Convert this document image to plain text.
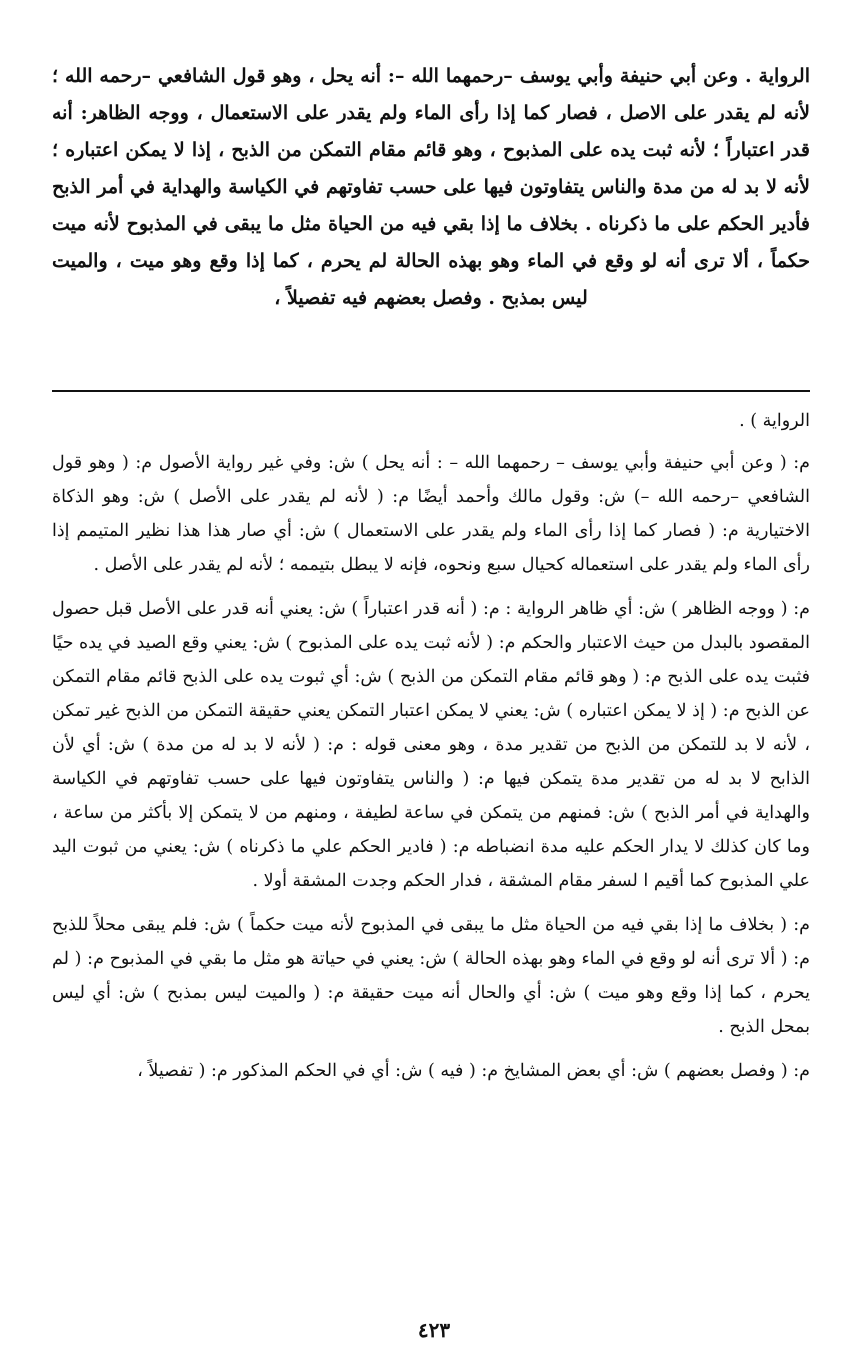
الرواية . وعن أبي حنيفة وأبي يوسف –رحمهما الله –: أنه يحل ، وهو قول الشافعي –رحمه الله ؛ لأنه لم يقدر على الاصل ، فصار كما إذا رأى الماء ولم يقدر على الاستعمال ، ووجه الظاهر: أنه قدر اعتباراً ؛ لأنه ثبت يده على المذبوح ، وهو قائم مقام التمكن من الذبح ، إذا لا يمكن اعتباره ؛ لأنه لا بد له من مدة والناس يتفاوتون فيها على حسب تفاوتهم في الكياسة والهداية في أمر الذبح فأدير الحكم على ما ذكرناه . بخلاف ما إذا بقي فيه من الحياة مثل ما يبقى في المذبوح لأنه ميت حكماً ، ألا ترى أنه لو وقع في الماء وهو بهذه الحالة لم يحرم ، كما إذا وقع وهو ميت ، والميت ليس بمذبح . وفصل بعضهم فيه تفصيلاً ،

الرواية ) .

م: ( وعن أبي حنيفة وأبي يوسف – رحمهما الله – : أنه يحل ) ش: وفي غير رواية الأصول م: ( وهو قول الشافعي –رحمه الله –) ش: وقول مالك وأحمد أيضًا م: ( لأنه لم يقدر على الأصل ) ش: وهو الذكاة الاختيارية م: ( فصار كما إذا رأى الماء ولم يقدر على الاستعمال ) ش: أي صار هذا هذا نظير المتيمم إذا رأى الماء ولم يقدر على استعماله كحيال سبع ونحوه، فإنه لا يبطل بتيممه ؛ لأنه لم يقدر على الأصل .

م: ( ووجه الظاهر ) ش: أي ظاهر الرواية : م: ( أنه قدر اعتباراً ) ش: يعني أنه قدر على الأصل قبل حصول المقصود بالبدل من حيث الاعتبار والحكم م: ( لأنه ثبت يده على المذبوح ) ش: يعني وقع الصيد في يده حيًا فثبت يده على الذبح م: ( وهو قائم مقام التمكن من الذبح ) ش: أي ثبوت يده على الذبح قائم مقام التمكن عن الذبح م: ( إذ لا يمكن اعتباره ) ش: يعني لا يمكن اعتبار التمكن يعني حقيقة التمكن من الذبح غير تمكن ، لأنه لا بد للتمكن من الذبح من تقدير مدة ، وهو معنى قوله : م: ( لأنه لا بد له من مدة ) ش: أي لأن الذابح لا بد له من تقدير مدة يتمكن فيها م: ( والناس يتفاوتون فيها على حسب تفاوتهم في الكياسة والهداية في أمر الذبح ) ش: فمنهم من يتمكن في ساعة لطيفة ، ومنهم من لا يتمكن إلا بأكثر من ساعة ، وما كان كذلك لا يدار الحكم عليه مدة انضباطه م: ( فادير الحكم علي ما ذكرناه ) ش: يعني من ثبوت اليد علي المذبوح كما أقيم ا لسفر مقام المشقة ، فدار الحكم وجدت المشقة أولا .

م: ( بخلاف ما إذا بقي فيه من الحياة مثل ما يبقى في المذبوح لأنه ميت حكماً ) ش: فلم يبقى محلاً للذبح م: ( ألا ترى أنه لو وقع في الماء وهو بهذه الحالة ) ش: يعني في حياتة هو مثل ما بقي في المذبوح م: ( لم يحرم ، كما إذا وقع وهو ميت ) ش: أي والحال أنه ميت حقيقة م: ( والميت ليس بمذبح ) ش: أي ليس بمحل الذبح .

م: ( وفصل بعضهم ) ش: أي بعض المشايخ م: ( فيه ) ش: أي في الحكم المذكور م: ( تفصيلاً ،

٤٢٣
